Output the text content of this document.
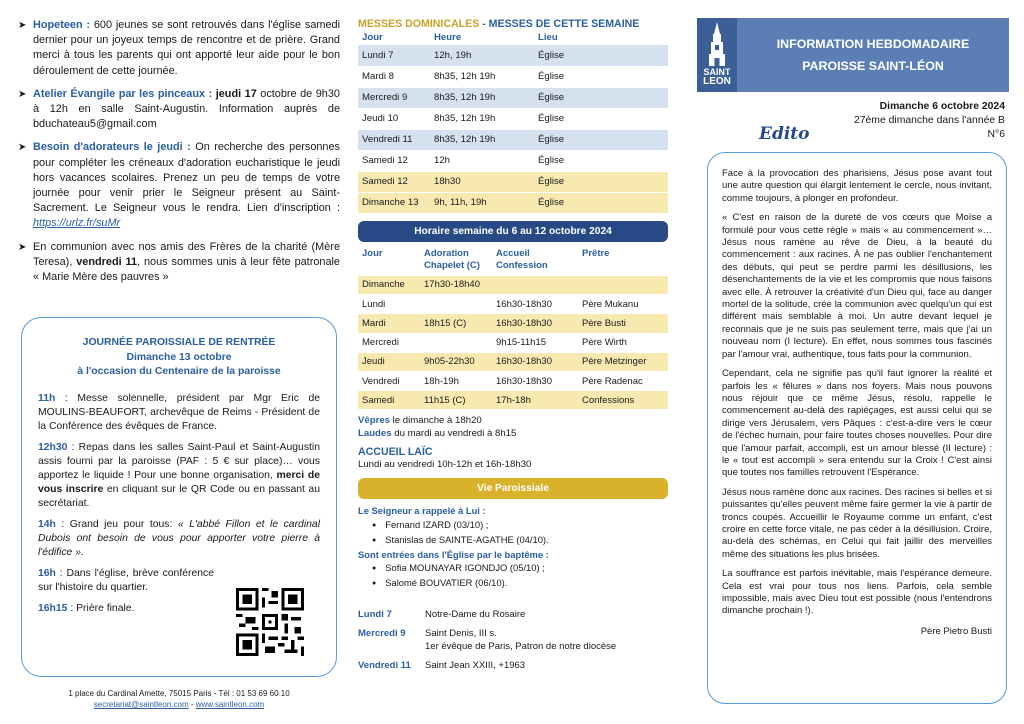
➤ Hopeteen : 600 jeunes se sont retrouvés dans l'église samedi dernier pour un joyeux temps de rencontre et de prière. Grand merci à tous les parents qui ont apporté leur aide pour le bon déroulement de cette journée.
➤ Atelier Évangile par les pinceaux : jeudi 17 octobre de 9h30 à 12h en salle Saint-Augustin. Information auprès de bduchateau5@gmail.com
➤ Besoin d'adorateurs le jeudi : On recherche des personnes pour compléter les créneaux d'adoration eucharistique le jeudi hors vacances scolaires. Prenez un peu de temps de votre journée pour venir prier le Seigneur présent au Saint-Sacrement. Le Seigneur vous le rendra. Lien d'inscription : https://urlz.fr/suMr
➤ En communion avec nos amis des Frères de la charité (Mère Teresa), vendredi 11, nous sommes unis à leur fête patronale « Marie Mère des pauvres »
JOURNÉE PAROISSIALE DE RENTRÉE
Dimanche 13 octobre
à l'occasion du Centenaire de la paroisse

11h : Messe solennelle, président par Mgr Eric de MOULINS-BEAUFORT, archevêque de Reims - Président de la Conférence des évêques de France.

12h30 : Repas dans les salles Saint-Paul et Saint-Augustin assis fourni par la paroisse (PAF : 5 € sur place)… vous apportez le liquide ! Pour une bonne organisation, merci de vous inscrire en cliquant sur le QR Code ou en passant au secrétariat.

14h : Grand jeu pour tous: « L'abbé Fillon et le cardinal Dubois ont besoin de vous pour apporter votre pierre à l'édifice ».

16h : Dans l'église, brève conférence sur l'histoire du quartier.

16h15 : Prière finale.

1 place du Cardinal Amette, 75015 Paris - Tél : 01 53 69 60 10
secretariat@saintleon.com - www.saintleon.com
MESSES DOMINICALES - MESSES DE CETTE SEMAINE
Jour	Heure	Lieu
Lundi 7	12h, 19h	Église
Mardi 8	8h35, 12h 19h	Église
Mercredi 9	8h35, 12h 19h	Église
Jeudi 10	8h35, 12h 19h	Église
Vendredi 11	8h35, 12h 19h	Église
Samedi 12	12h	Église
Samedi 12	18h30	Église
Dimanche 13	9h, 11h, 19h	Église
Horaire semaine du 6 au 12 octobre 2024
Jour	Adoration Chapelet (C)	Accueil Confession	Prêtre
Dimanche	17h30-18h40		
Lundi		16h30-18h30	Père Mukanu
Mardi	18h15 (C)	16h30-18h30	Père Busti
Mercredi		9h15-11h15	Père Wirth
Jeudi	9h05-22h30	16h30-18h30	Père Metzinger
Vendredi	18h-19h	16h30-18h30	Père Radenac
Samedi	11h15 (C)	17h-18h	Confessions
Vêpres le dimanche à 18h20
Laudes du mardi au vendredi à 8h15
ACCUEIL LAÏC
Lundi au vendredi 10h-12h et 16h-18h30
Vie Paroissiale
Le Seigneur a rappelé à Lui :
● Fernand IZARD (03/10) ;
● Stanislas de SAINTE-AGATHE (04/10).
Sont entrées dans l'Église par le baptême :
● Sofia MOUNAYAR IGONDJO (05/10) ;
● Salomé BOUVATIER (06/10).
Lundi 7	Notre-Dame du Rosaire
Mercredi 9	Saint Denis, III s.
1er évêque de Paris, Patron de notre diocèse
Vendredi 11	Saint Jean XXIII, +1963
SAINT
LEON
INFORMATION HEBDOMADAIRE
PAROISSE SAINT-LÉON
Dimanche 6 octobre 2024
27ème dimanche dans l'année B
N°6
Edito

Face à la provocation des pharisiens, Jésus pose avant tout une autre question qui élargit lentement le cercle, nous invitant, comme toujours, à plonger en profondeur.

« C'est en raison de la dureté de vos cœurs que Moïse a formulé pour vous cette règle » mais « au commencement »… Jésus nous ramène au rêve de Dieu, à la beauté du commencement : aux racines. À ne pas oublier l'enchantement des débuts, qui peut se perdre parmi les désillusions, les désenchantements de la vie et les compromis que nous faisons avec elle. À retrouver la créativité d'un Dieu qui, face au danger mortel de la solitude, crée la communion avec quelqu'un qui est différent mais semblable à moi. Un autre devant lequel je reconnais que je ne suis pas seulement terre, mais que j'ai un nouveau nom (I lecture). En effet, nous sommes tous fascinés par l'amour vrai, authentique, tous faits pour la communion.

Cependant, cela ne signifie pas qu'il faut ignorer la réalité et parfois les « fêlures » dans nos foyers. Mais nous pouvons nous réjouir que ce même Jésus, résolu, rappelle le commencement au-delà des rapiéçages, est aussi celui qui se dirige vers Jérusalem, vers Pâques : c'est-à-dire vers le cœur de l'échec humain, pour faire toutes choses nouvelles. Pour dire que l'amour parfait, accompli, est un amour blessé (II lecture) : le « tout est accompli » sera entendu sur la Croix ! C'est ainsi que toutes nos familles retrouvent l'Espérance.

Jésus nous ramène donc aux racines. Des racines si belles et si puissantes qu'elles peuvent même faire germer la vie à partir de troncs coupés. Accueillir le Royaume comme un enfant, c'est croire en cette force vitale, ne pas céder à la désillusion. Croire, au-delà des schémas, en Celui qui fait jaillir des merveilles même des situations les plus brisées.

La souffrance est parfois inévitable, mais l'espérance demeure. Cela est vrai pour tous nos liens. Parfois, cela semble impossible, mais avec Dieu tout est possible (nous l'entendrons dimanche prochain !).

Père Pietro Busti
